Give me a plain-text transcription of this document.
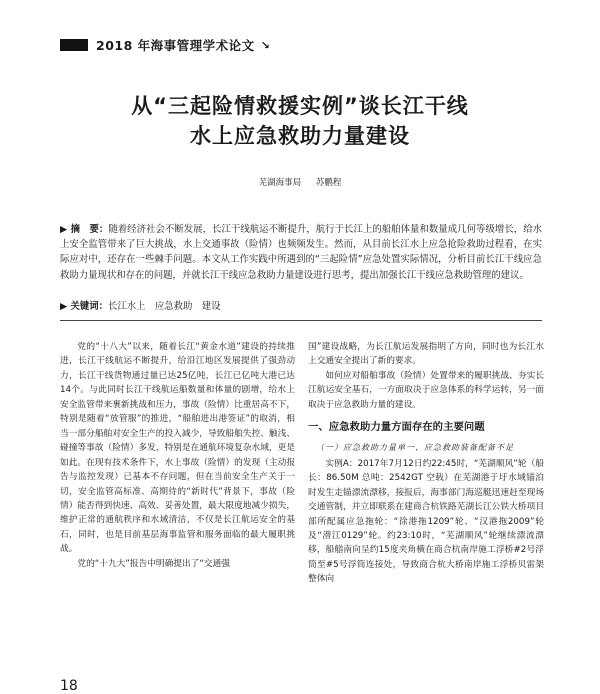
2018 年海事管理学术论文 ↘
从“三起险情救援实例”谈长江干线
水上应急救助力量建设
芜湖海事局 苏鹏程
▶ 摘　要：随着经济社会不断发展，长江干线航运不断提升，航行于长江上的船舶体量和数量成几何等级增长，给水上安全监管带来了巨大挑战，水上交通事故（险情）也频频发生。然而，从目前长江水上应急抢险救助过程看，在实际应对中，还存在一些棘手问题。本文从工作实践中所遇到的“三起险情”应急处置实际情况，分析目前长江干线应急救助力量现状和存在的问题，并就长江干线应急救助力量建设进行思考，提出加强长江干线应急救助管理的建议。
▶ 关键词：长江水上　应急救助　建设

党的“十八大”以来，随着长江“黄金水道”建设的持续推进，长江干线航运不断提升，给沿江地区发展提供了强劲动力，长江干线货物通过量已达25亿吨，长江已亿吨大港已达14个。与此同时长江干线航运船数量和体量的剧增，给水上安全监管带来裹新挑战和压力，事故（险情）比重居高不下，特别是随着“放管服”的推进，“船舶进出港签证”的取消，相当一部分船舶对安全生产的投入减少，导致船舶失控、触浅、碰撞等事故（险情）多发，特别是在通航环境复杂水域，更是如此。在现有技术条件下，水上事故（险情）的发现（主动报告与监控发现）已基本不存问题，但在当前安全生产关于一切，安全监管高标准、高期待的“新时代”背景下，事故（险情）能否得到快速、高效、妥善处置，最大限度地减少损失，维护正常的通航秩序和水域清洁，不仅是长江航运安全的基石，同时，也是目前基层海事监管和服务面临的最大履职挑战。

党的“十九大”报告中明确提出了“交通强

国”建设战略，为长江航运发展指明了方向，同时也为长江水上交通安全提出了新的要求。

如何应对船舶事故（险情）处置带来的履职挑战、夯实长江航运安全基石，一方面取决于应急体系的科学运转，另一面取决于应急救助力量的建设。

一、应急救助力量方面存在的主要问题
（一）应急救助力量单一、应急救助装备配备不足

实例A：2017年7月12日约22:45时，“芜湖顺风”轮（船长：86.50M 总吨：2542GT 空载）在芜湖港于圩水域锚泊时发生走锚漂流漂移，接报后，海事部门海巡艇迅速赶至现场交通管制，并立即联系在建商合杭铁路芜湖长江公铁大桥项目部所配属应急拖轮：“徐港拖1209”轮、“汉港拖2009”轮及“潜江0129”轮。约23:10时，“芜湖顺风”轮继续漂流漂移，船艏南向呈约15度夹角横在商合杭南岸施工浮桥#2号浮筒至#5号浮筒连接处，导致商合杭大桥南岸施工浮桥贝雷架整体向

18
